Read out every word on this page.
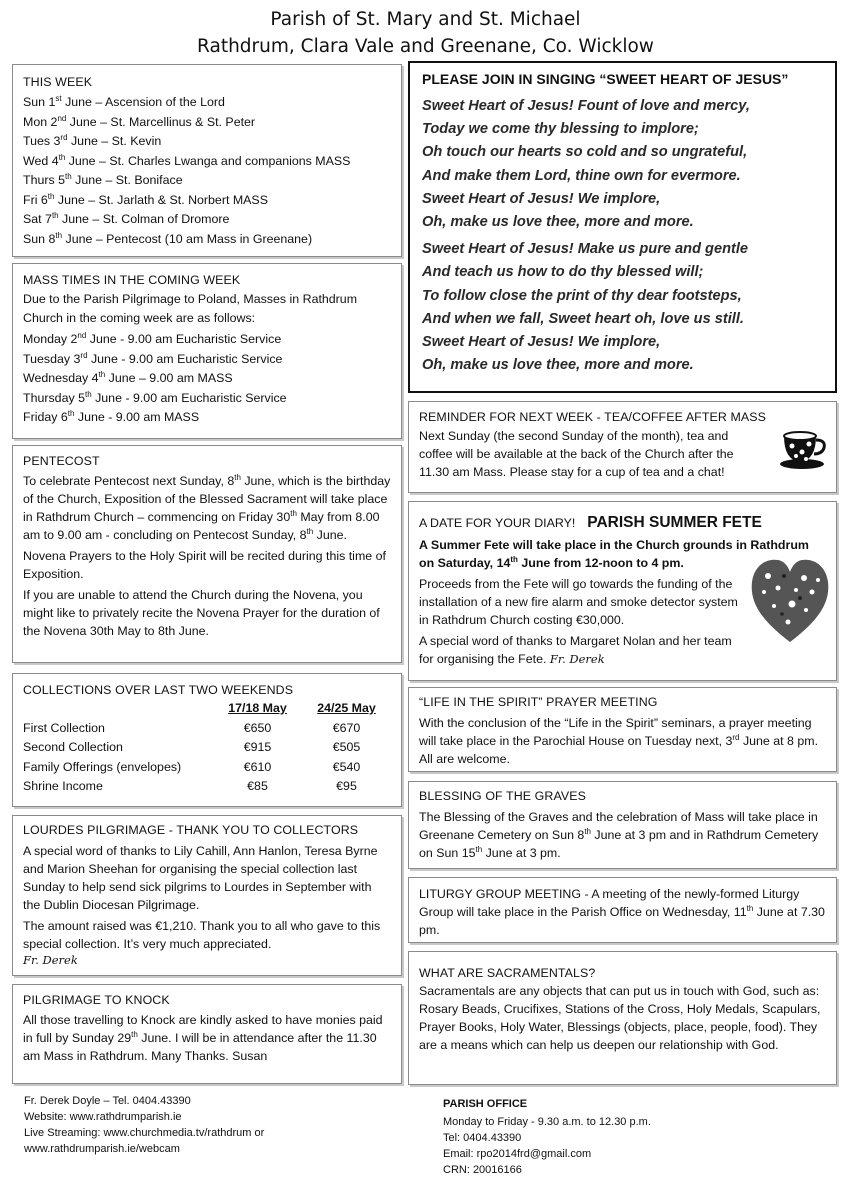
Parish of St. Mary and St. Michael
Rathdrum, Clara Vale and Greenane, Co. Wicklow
THIS WEEK
Sun 1st June – Ascension of the Lord
Mon 2nd June – St. Marcellinus & St. Peter
Tues 3rd June – St. Kevin
Wed 4th June – St. Charles Lwanga and companions MASS
Thurs 5th June – St. Boniface
Fri 6th June – St. Jarlath & St. Norbert MASS
Sat 7th June – St. Colman of Dromore
Sun 8th June – Pentecost (10 am Mass in Greenane)
MASS TIMES IN THE COMING WEEK

Due to the Parish Pilgrimage to Poland, Masses in Rathdrum Church in the coming week are as follows:

Monday 2nd June - 9.00 am Eucharistic Service
Tuesday 3rd June - 9.00 am Eucharistic Service
Wednesday 4th June – 9.00 am MASS
Thursday 5th June - 9.00 am Eucharistic Service
Friday 6th June - 9.00 am MASS
PENTECOST

To celebrate Pentecost next Sunday, 8th June, which is the birthday of the Church, Exposition of the Blessed Sacrament will take place in Rathdrum Church – commencing on Friday 30th May from 8.00 am to 9.00 am - concluding on Pentecost Sunday, 8th June.

Novena Prayers to the Holy Spirit will be recited during this time of Exposition.

If you are unable to attend the Church during the Novena, you might like to privately recite the Novena Prayer for the duration of the Novena 30th May to 8th June.

COLLECTIONS OVER LAST TWO WEEKENDS
	17/18 May	24/25 May
First Collection	€650	€670
Second Collection	€915	€505
Family Offerings (envelopes)	€610	€540
Shrine Income	€85	€95
LOURDES PILGRIMAGE - THANK YOU TO COLLECTORS

A special word of thanks to Lily Cahill, Ann Hanlon, Teresa Byrne and Marion Sheehan for organising the special collection last Sunday to help send sick pilgrims to Lourdes in September with the Dublin Diocesan Pilgrimage.

The amount raised was €1,210. Thank you to all who gave to this special collection. It’s very much appreciated.

Fr. Derek
PILGRIMAGE TO KNOCK

All those travelling to Knock are kindly asked to have monies paid in full by Sunday 29th June. I will be in attendance after the 11.30 am Mass in Rathdrum. Many Thanks. Susan

PLEASE JOIN IN SINGING “SWEET HEART OF JESUS”
Sweet Heart of Jesus! Fount of love and mercy,
Today we come thy blessing to implore;
Oh touch our hearts so cold and so ungrateful,
And make them Lord, thine own for evermore.
Sweet Heart of Jesus! We implore,
Oh, make us love thee, more and more.
Sweet Heart of Jesus! Make us pure and gentle
And teach us how to do thy blessed will;
To follow close the print of thy dear footsteps,
And when we fall, Sweet heart oh, love us still.
Sweet Heart of Jesus! We implore,
Oh, make us love thee, more and more.
REMINDER FOR NEXT WEEK - TEA/COFFEE AFTER MASS

Next Sunday (the second Sunday of the month), tea and coffee will be available at the back of the Church after the 11.30 am Mass. Please stay for a cup of tea and a chat!

A DATE FOR YOUR DIARY! PARISH SUMMER FETE

A Summer Fete will take place in the Church grounds in Rathdrum on Saturday, 14th June from 12-noon to 4 pm.

Proceeds from the Fete will go towards the funding of the installation of a new fire alarm and smoke detector system in Rathdrum Church costing €30,000.

A special word of thanks to Margaret Nolan and her team for organising the Fete. Fr. Derek

“LIFE IN THE SPIRIT” PRAYER MEETING

With the conclusion of the “Life in the Spirit” seminars, a prayer meeting will take place in the Parochial House on Tuesday next, 3rd June at 8 pm. All are welcome.

BLESSING OF THE GRAVES

The Blessing of the Graves and the celebration of Mass will take place in Greenane Cemetery on Sun 8th June at 3 pm and in Rathdrum Cemetery on Sun 15th June at 3 pm.

LITURGY GROUP MEETING - A meeting of the newly-formed Liturgy Group will take place in the Parish Office on Wednesday, 11th June at 7.30 pm.

WHAT ARE SACRAMENTALS?

Sacramentals are any objects that can put us in touch with God, such as: Rosary Beads, Crucifixes, Stations of the Cross, Holy Medals, Scapulars, Prayer Books, Holy Water, Blessings (objects, place, people, food). They are a means which can help us deepen our relationship with God.

Fr. Derek Doyle – Tel. 0404.43390
Website: www.rathdrumparish.ie
Live Streaming: www.churchmedia.tv/rathdrum or
www.rathdrumparish.ie/webcam
PARISH OFFICE
Monday to Friday - 9.30 a.m. to 12.30 p.m.
Tel: 0404.43390
Email: rpo2014frd@gmail.com
CRN: 20016166
